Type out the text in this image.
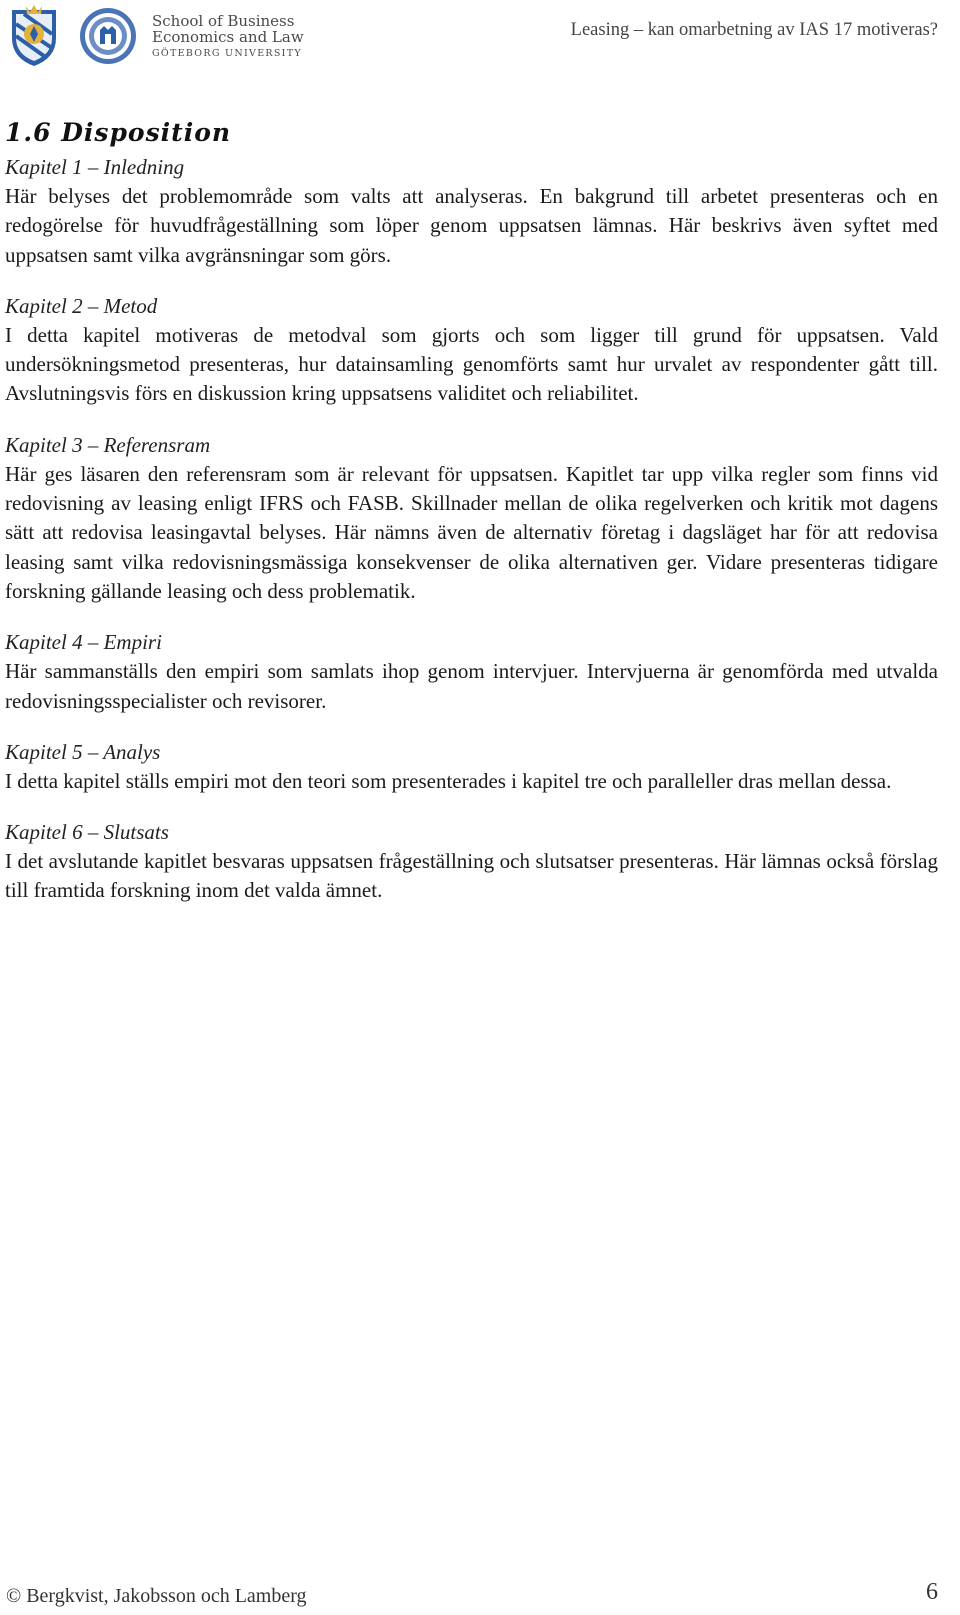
School of Business
Economics and Law
GÖTEBORG UNIVERSITY
Leasing – kan omarbetning av IAS 17 motiveras?
1.6 Disposition
Kapitel 1 – Inledning

Här belyses det problemområde som valts att analyseras. En bakgrund till arbetet presenteras och en redogörelse för huvudfrågeställning som löper genom uppsatsen lämnas. Här beskrivs även syftet med uppsatsen samt vilka avgränsningar som görs.

Kapitel 2 – Metod

I detta kapitel motiveras de metodval som gjorts och som ligger till grund för uppsatsen. Vald undersökningsmetod presenteras, hur datainsamling genomförts samt hur urvalet av respondenter gått till. Avslutningsvis förs en diskussion kring uppsatsens validitet och reliabilitet.

Kapitel 3 – Referensram

Här ges läsaren den referensram som är relevant för uppsatsen. Kapitlet tar upp vilka regler som finns vid redovisning av leasing enligt IFRS och FASB. Skillnader mellan de olika regelverken och kritik mot dagens sätt att redovisa leasingavtal belyses. Här nämns även de alternativ företag i dagsläget har för att redovisa leasing samt vilka redovisningsmässiga konsekvenser de olika alternativen ger. Vidare presenteras tidigare forskning gällande leasing och dess problematik.

Kapitel 4 – Empiri

Här sammanställs den empiri som samlats ihop genom intervjuer. Intervjuerna är genomförda med utvalda redovisningsspecialister och revisorer.

Kapitel 5 – Analys

I detta kapitel ställs empiri mot den teori som presenterades i kapitel tre och paralleller dras mellan dessa.

Kapitel 6 – Slutsats

I det avslutande kapitlet besvaras uppsatsen frågeställning och slutsatser presenteras. Här lämnas också förslag till framtida forskning inom det valda ämnet.

© Bergkvist, Jakobsson och Lamberg	6
